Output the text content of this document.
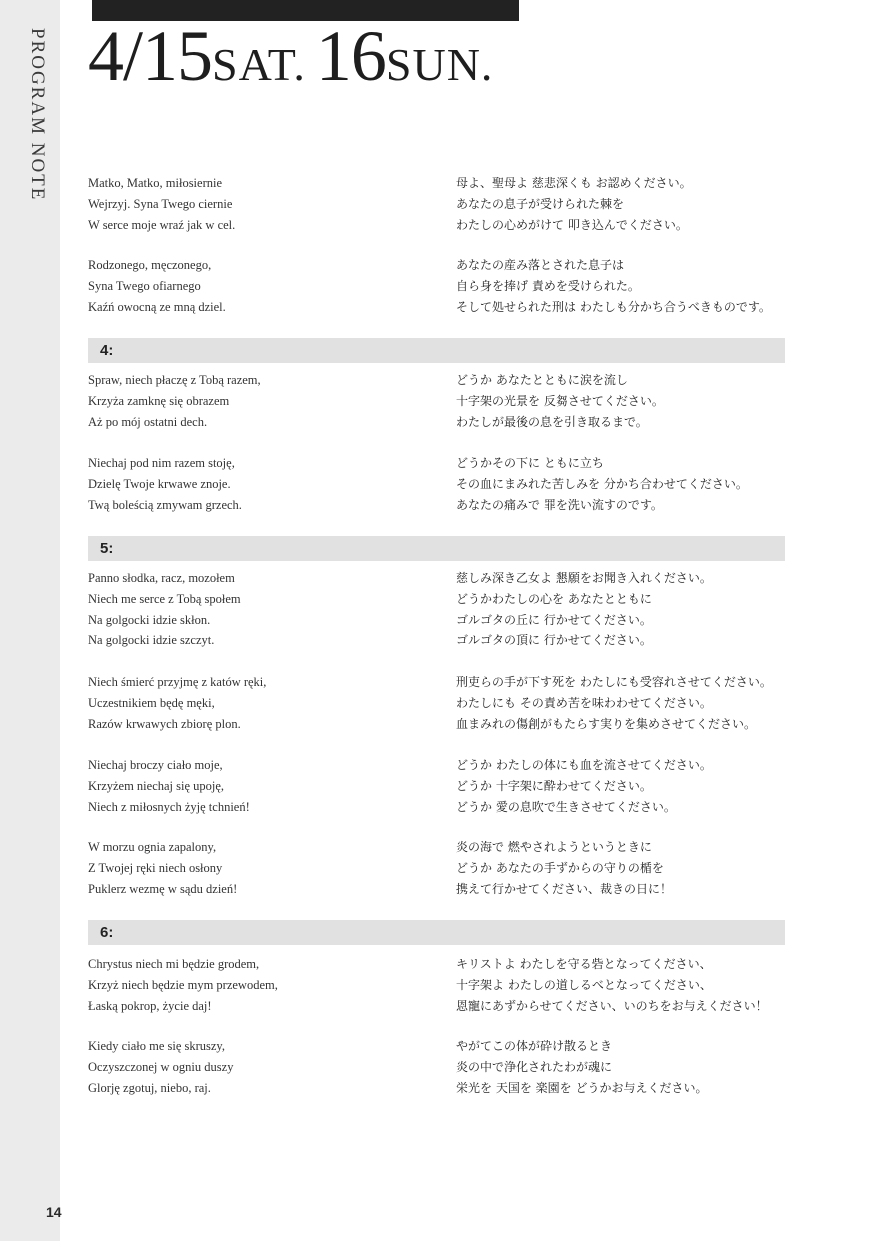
PROGRAM NOTE
14
4/15SAT. 16SUN.
4:
5:
6:
Matko, Matko, miłosiernie	母よ、聖母よ 慈悲深くも お認めください。
Wejrzyj. Syna Twego ciernie	あなたの息子が受けられた棘を
W serce moje wraź jak w cel.	わたしの心めがけて 叩き込んでください。
Rodzonego, męczonego,	あなたの産み落とされた息子は
Syna Twego ofiarnego	自ら身を捧げ 責めを受けられた。
Kaźń owocną ze mną dziel.	そして処せられた刑は わたしも分かち合うべきものです。
Spraw, niech płaczę z Tobą razem,	どうか あなたとともに涙を流し
Krzyża zamknę się obrazem	十字架の光景を 反芻させてください。
Aż po mój ostatni dech.	わたしが最後の息を引き取るまで。
Niechaj pod nim razem stoję,	どうかその下に ともに立ち
Dzielę Twoje krwawe znoje.	その血にまみれた苦しみを 分かち合わせてください。
Twą boleścią zmywam grzech.	あなたの痛みで 罪を洗い流すのです。
Panno słodka, racz, mozołem	慈しみ深き乙女よ 懇願をお聞き入れください。
Niech me serce z Tobą społem	どうかわたしの心を あなたとともに
Na golgocki idzie skłon.	ゴルゴタの丘に 行かせてください。
Na golgocki idzie szczyt.	ゴルゴタの頂に 行かせてください。
Niech śmierć przyjmę z katów ręki,	刑吏らの手が下す死を わたしにも受容れさせてください。
Uczestnikiem będę męki,	わたしにも その責め苦を味わわせてください。
Razów krwawych zbiorę plon.	血まみれの傷創がもたらす実りを集めさせてください。
Niechaj broczy ciało moje,	どうか わたしの体にも血を流させてください。
Krzyżem niechaj się upoję,	どうか 十字架に酔わせてください。
Niech z miłosnych żyję tchnień!	どうか 愛の息吹で生きさせてください。
W morzu ognia zapalony,	炎の海で 燃やされようというときに
Z Twojej ręki niech osłony	どうか あなたの手ずからの守りの楯を
Puklerz wezmę w sądu dzień!	携えて行かせてください、裁きの日に！
Chrystus niech mi będzie grodem,	キリストよ わたしを守る砦となってください、
Krzyż niech będzie mym przewodem,	十字架よ わたしの道しるべとなってください、
Łaską pokrop, życie daj!	恩寵にあずからせてください、いのちをお与えください！
Kiedy ciało me się skruszy,	やがてこの体が砕け散るとき
Oczyszczonej w ogniu duszy	炎の中で浄化されたわが魂に
Glorję zgotuj, niebo, raj.	栄光を 天国を 楽園を どうかお与えください。
